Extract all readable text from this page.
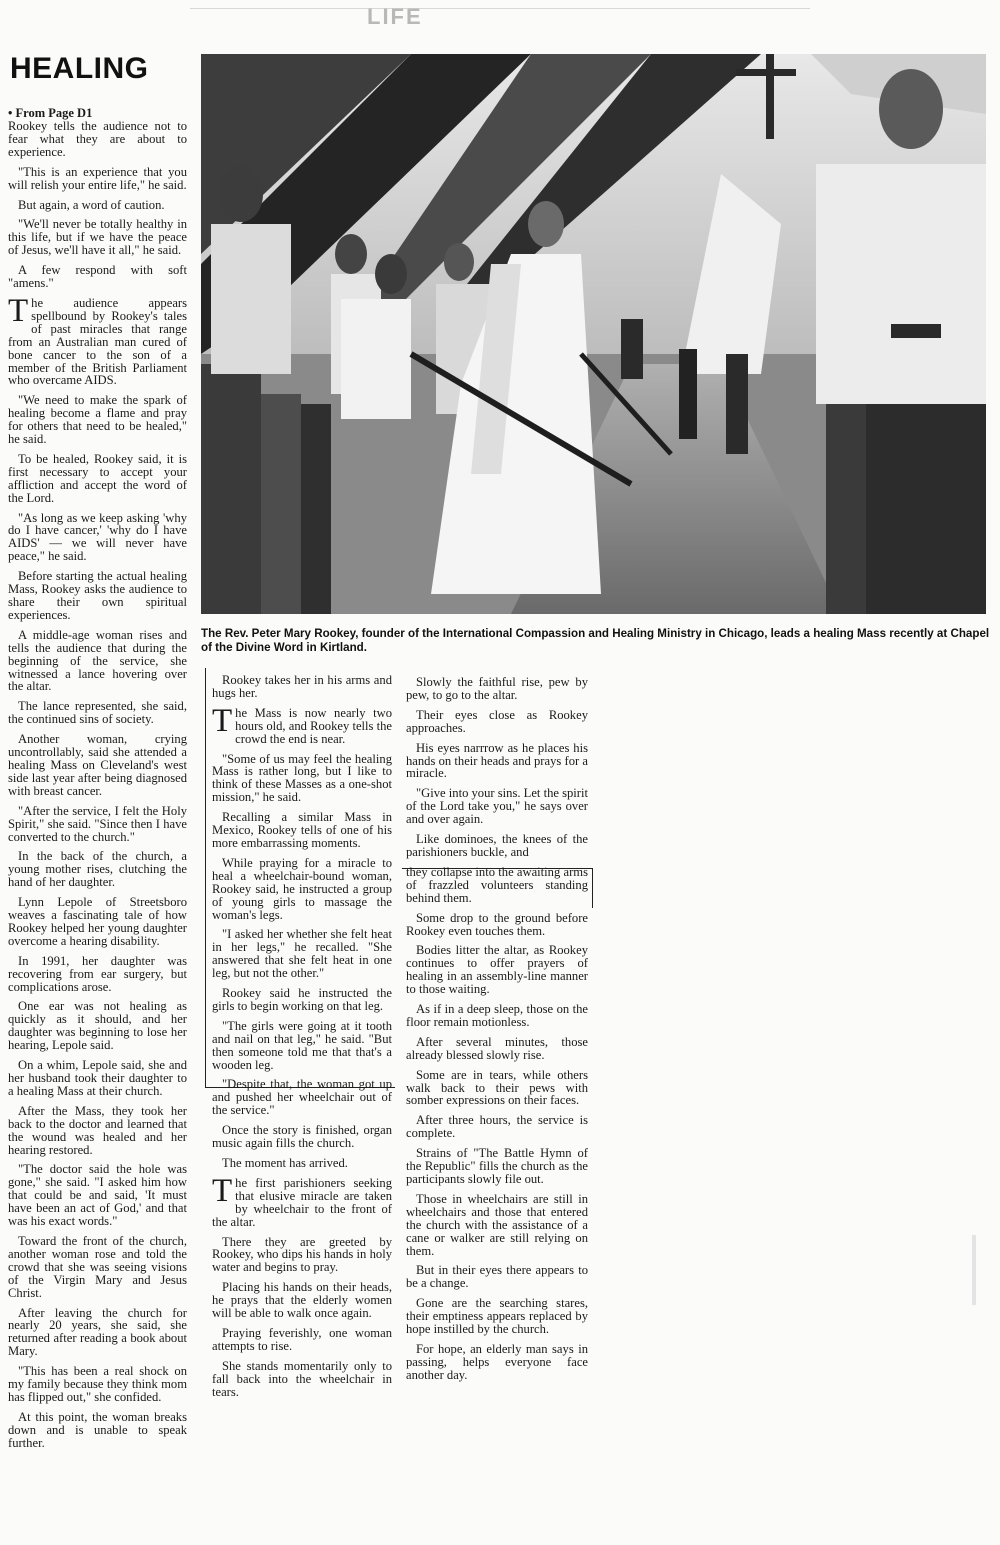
LIFE
HEALING
• From Page D1
The Rev. Peter Mary Rookey, founder of the International Compassion and Healing Ministry in Chicago, leads a healing Mass recently at Chapel of the Divine Word in Kirtland.

Rookey tells the audience not to fear what they are about to experience.

"This is an experience that you will relish your entire life," he said.

But again, a word of caution.

"We'll never be totally healthy in this life, but if we have the peace of Jesus, we'll have it all," he said.

A few respond with soft "amens."

The audience appears spellbound by Rookey's tales of past miracles that range from an Australian man cured of bone cancer to the son of a member of the British Parliament who overcame AIDS.

"We need to make the spark of healing become a flame and pray for others that need to be healed," he said.

To be healed, Rookey said, it is first necessary to accept your affliction and accept the word of the Lord.

"As long as we keep asking 'why do I have cancer,' 'why do I have AIDS' — we will never have peace," he said.

Before starting the actual healing Mass, Rookey asks the audience to share their own spiritual experiences.

A middle-age woman rises and tells the audience that during the beginning of the service, she witnessed a lance hovering over the altar.

The lance represented, she said, the continued sins of society.

Another woman, crying uncontrollably, said she attended a healing Mass on Cleveland's west side last year after being diagnosed with breast cancer.

"After the service, I felt the Holy Spirit," she said. "Since then I have converted to the church."

In the back of the church, a young mother rises, clutching the hand of her daughter.

Lynn Lepole of Streetsboro weaves a fascinating tale of how Rookey helped her young daughter overcome a hearing disability.

In 1991, her daughter was recovering from ear surgery, but complications arose.

One ear was not healing as quickly as it should, and her daughter was beginning to lose her hearing, Lepole said.

On a whim, Lepole said, she and her husband took their daughter to a healing Mass at their church.

After the Mass, they took her back to the doctor and learned that the wound was healed and her hearing restored.

"The doctor said the hole was gone," she said. "I asked him how that could be and said, 'It must have been an act of God,' and that was his exact words."

Toward the front of the church, another woman rose and told the crowd that she was seeing visions of the Virgin Mary and Jesus Christ.

After leaving the church for nearly 20 years, she said, she returned after reading a book about Mary.

"This has been a real shock on my family because they think mom has flipped out," she confided.

At this point, the woman breaks down and is unable to speak further.

Rookey takes her in his arms and hugs her.

The Mass is now nearly two hours old, and Rookey tells the crowd the end is near.

"Some of us may feel the healing Mass is rather long, but I like to think of these Masses as a one-shot mission," he said.

Recalling a similar Mass in Mexico, Rookey tells of one of his more embarrassing moments.

While praying for a miracle to heal a wheelchair-bound woman, Rookey said, he instructed a group of young girls to massage the woman's legs.

"I asked her whether she felt heat in her legs," he recalled. "She answered that she felt heat in one leg, but not the other."

Rookey said he instructed the girls to begin working on that leg.

"The girls were going at it tooth and nail on that leg," he said. "But then someone told me that that's a wooden leg.

"Despite that, the woman got up and pushed her wheelchair out of the service."

Once the story is finished, organ music again fills the church.

The moment has arrived.

The first parishioners seeking that elusive miracle are taken by wheelchair to the front of the altar.

There they are greeted by Rookey, who dips his hands in holy water and begins to pray.

Placing his hands on their heads, he prays that the elderly women will be able to walk once again.

Praying feverishly, one woman attempts to rise.

She stands momentarily only to fall back into the wheelchair in tears.

Slowly the faithful rise, pew by pew, to go to the altar.

Their eyes close as Rookey approaches.

His eyes narrrow as he places his hands on their heads and prays for a miracle.

"Give into your sins. Let the spirit of the Lord take you," he says over and over again.

Like dominoes, the knees of the parishioners buckle, and

they collapse into the awaiting arms of frazzled volunteers standing behind them.

Some drop to the ground before Rookey even touches them.

Bodies litter the altar, as Rookey continues to offer prayers of healing in an assembly-line manner to those waiting.

As if in a deep sleep, those on the floor remain motionless.

After several minutes, those already blessed slowly rise.

Some are in tears, while others walk back to their pews with somber expressions on their faces.

After three hours, the service is complete.

Strains of "The Battle Hymn of the Republic" fills the church as the participants slowly file out.

Those in wheelchairs are still in wheelchairs and those that entered the church with the assistance of a cane or walker are still relying on them.

But in their eyes there appears to be a change.

Gone are the searching stares, their emptiness appears replaced by hope instilled by the church.

For hope, an elderly man says in passing, helps everyone face another day.
